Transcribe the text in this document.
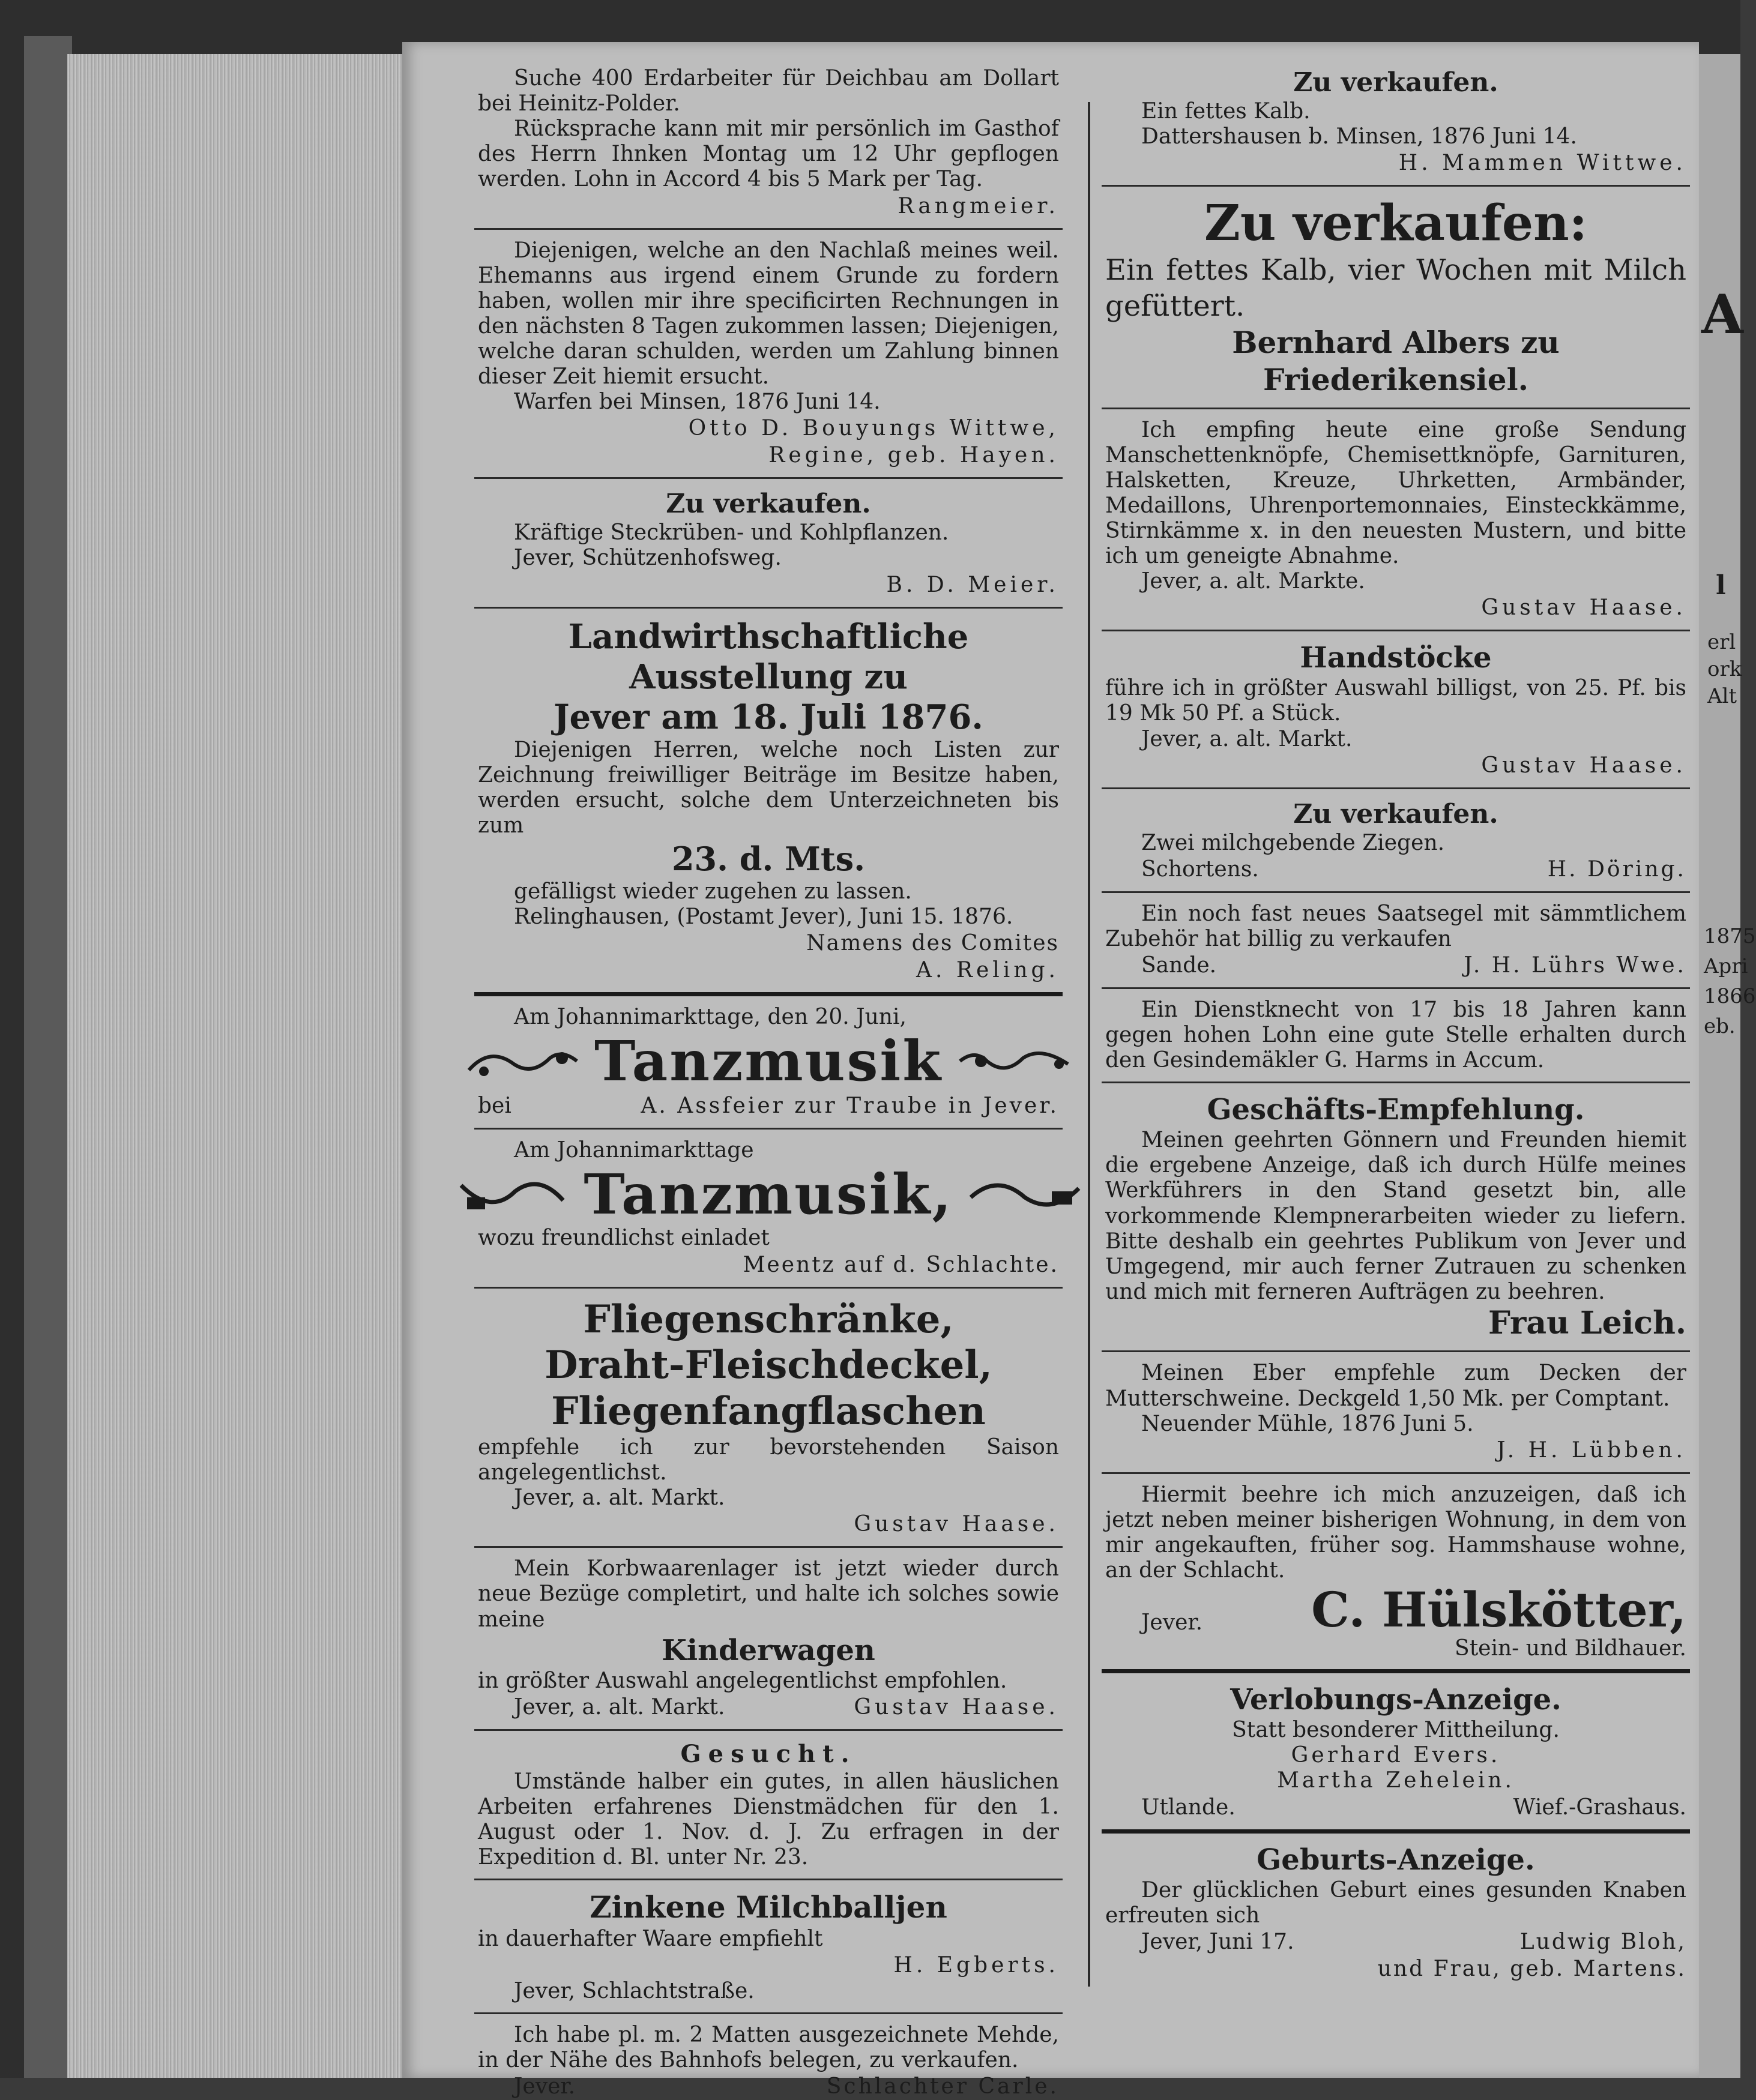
A
l
erl
ork
Alt
1875
Apri
1866
eb.

Suche 400 Erdarbeiter für Deichbau am Dollart bei Heinitz-Polder.

Rücksprache kann mit mir persönlich im Gasthof des Herrn Ihnken Montag um 12 Uhr gepflogen werden. Lohn in Accord 4 bis 5 Mark per Tag.

Rangmeier.

Diejenigen, welche an den Nachlaß meines weil. Ehemanns aus irgend einem Grunde zu fordern haben, wollen mir ihre specificirten Rechnungen in den nächsten 8 Tagen zukommen lassen; Diejenigen, welche daran schulden, werden um Zahlung binnen dieser Zeit hiemit ersucht.

Warfen bei Minsen, 1876 Juni 14.

Otto D. Bouyungs Wittwe,
Regine, geb. Hayen.
Zu verkaufen.

Kräftige Steckrüben- und Kohlpflanzen.

Jever, Schützenhofsweg.

B. D. Meier.
Landwirthschaftliche Ausstellung zu
Jever am 18. Juli 1876.

Diejenigen Herren, welche noch Listen zur Zeichnung freiwilliger Beiträge im Besitze haben, werden ersucht, solche dem Unterzeichneten bis zum

23. d. Mts.

gefälligst wieder zugehen zu lassen.

Relinghausen, (Postamt Jever), Juni 15. 1876.

Namens des Comites
A. Reling.

Am Johannimarkttage, den 20. Juni,

Tanzmusik
bei	A. Assfeier zur Traube in Jever.

Am Johannimarkttage

Tanzmusik,

wozu freundlichst einladet

Meentz auf d. Schlachte.
Fliegenschränke,
Draht-Fleischdeckel,
Fliegenfangflaschen

empfehle ich zur bevorstehenden Saison angelegentlichst.

Jever, a. alt. Markt.

Gustav Haase.

Mein Korbwaarenlager ist jetzt wieder durch neue Bezüge completirt, und halte ich solches sowie meine

Kinderwagen

in größter Auswahl angelegentlichst empfohlen.

Jever, a. alt. Markt.	Gustav Haase.
Gesucht.

Umstände halber ein gutes, in allen häuslichen Arbeiten erfahrenes Dienstmädchen für den 1. August oder 1. Nov. d. J. Zu erfragen in der Expedition d. Bl. unter Nr. 23.

Zinkene Milchballjen

in dauerhafter Waare empfiehlt

H. Egberts.

Jever, Schlachtstraße.

Ich habe pl. m. 2 Matten ausgezeichnete Mehde, in der Nähe des Bahnhofs belegen, zu verkaufen.

Jever.	Schlachter Carle.
Zu verkaufen.

Ein fettes Kalb.

Dattershausen b. Minsen, 1876 Juni 14.

H. Mammen Wittwe.
Zu verkaufen:

Ein fettes Kalb, vier Wochen mit Milch gefüttert.

Bernhard Albers zu Friederikensiel.

Ich empfing heute eine große Sendung Manschettenknöpfe, Chemisettknöpfe, Garnituren, Halsketten, Kreuze, Uhrketten, Armbänder, Medaillons, Uhrenportemonnaies, Einsteckkämme, Stirnkämme x. in den neuesten Mustern, und bitte ich um geneigte Abnahme.

Jever, a. alt. Markte.

Gustav Haase.
Handstöcke

führe ich in größter Auswahl billigst, von 25. Pf. bis 19 Mk 50 Pf. a Stück.

Jever, a. alt. Markt.

Gustav Haase.
Zu verkaufen.

Zwei milchgebende Ziegen.

Schortens.	H. Döring.

Ein noch fast neues Saatsegel mit sämmtlichem Zubehör hat billig zu verkaufen

Sande.	J. H. Lührs Wwe.

Ein Dienstknecht von 17 bis 18 Jahren kann gegen hohen Lohn eine gute Stelle erhalten durch den Gesindemäkler G. Harms in Accum.

Geschäfts-Empfehlung.

Meinen geehrten Gönnern und Freunden hiemit die ergebene Anzeige, daß ich durch Hülfe meines Werkführers in den Stand gesetzt bin, alle vorkommende Klempnerarbeiten wieder zu liefern. Bitte deshalb ein geehrtes Publikum von Jever und Umgegend, mir auch ferner Zutrauen zu schenken und mich mit ferneren Aufträgen zu beehren.

Frau Leich.

Meinen Eber empfehle zum Decken der Mutterschweine. Deckgeld 1,50 Mk. per Comptant.

Neuender Mühle, 1876 Juni 5.

J. H. Lübben.

Hiermit beehre ich mich anzuzeigen, daß ich jetzt neben meiner bisherigen Wohnung, in dem von mir angekauften, früher sog. Hammshause wohne, an der Schlacht.

Jever. C. Hülskötter,
Stein- und Bildhauer.
Verlobungs-Anzeige.

Statt besonderer Mittheilung.

Gerhard Evers.

Martha Zehelein.

Utlande.	Wief.-Grashaus.
Geburts-Anzeige.

Der glücklichen Geburt eines gesunden Knaben erfreuten sich

Jever, Juni 17.	Ludwig Bloh,
und Frau, geb. Martens.
